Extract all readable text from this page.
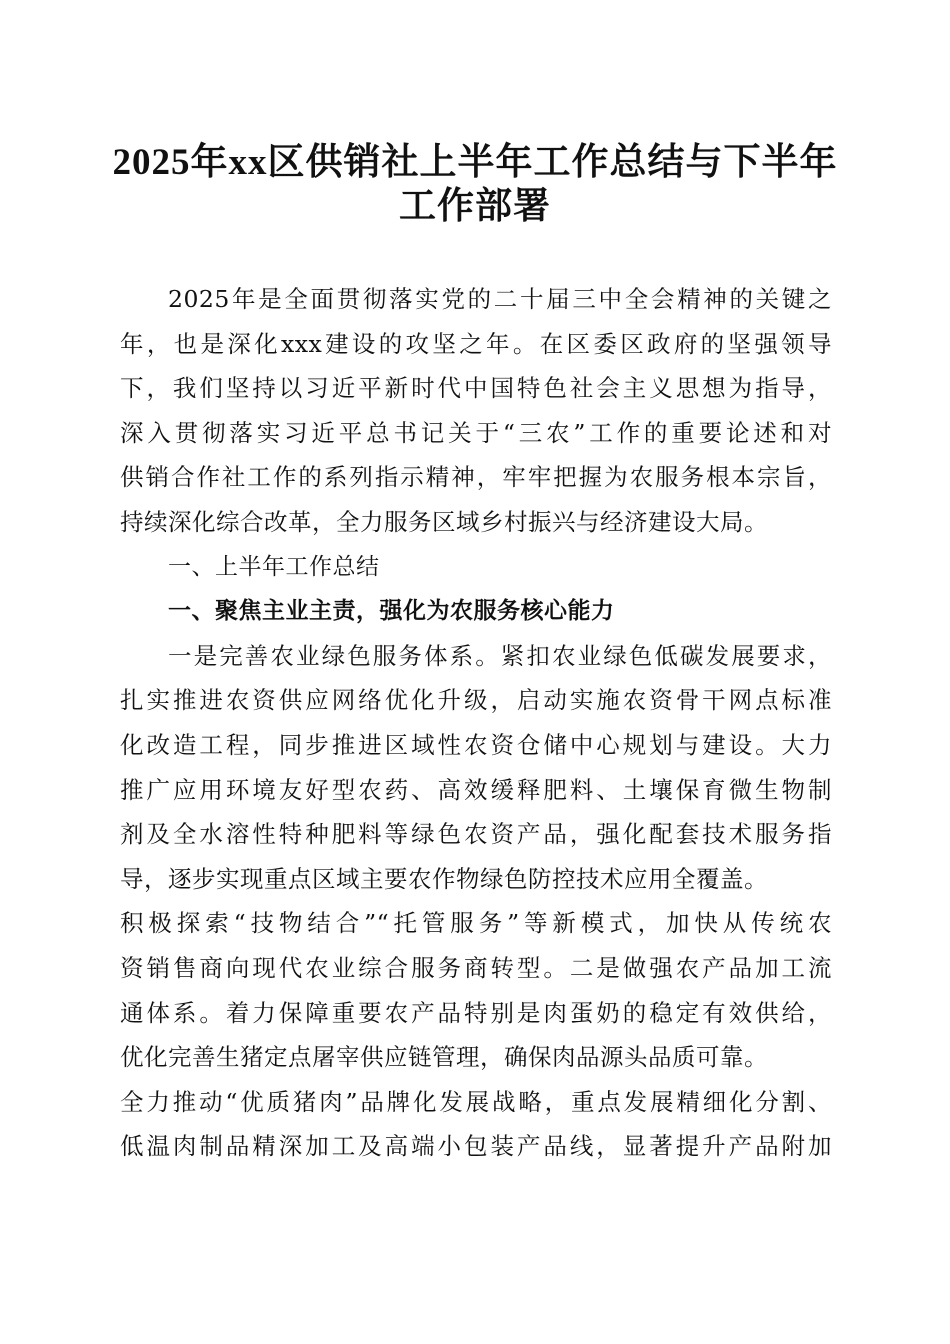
2025年xx区供销社上半年工作总结与下半年
工作部署
2025年是全面贯彻落实党的二十届三中全会精神的关键之
年，也是深化xxx建设的攻坚之年。在区委区政府的坚强领导
下，我们坚持以习近平新时代中国特色社会主义思想为指导，
深入贯彻落实习近平总书记关于“三农”工作的重要论述和对
供销合作社工作的系列指示精神，牢牢把握为农服务根本宗旨，
持续深化综合改革，全力服务区域乡村振兴与经济建设大局。
一、上半年工作总结
一、聚焦主业主责，强化为农服务核心能力
一是完善农业绿色服务体系。紧扣农业绿色低碳发展要求，
扎实推进农资供应网络优化升级，启动实施农资骨干网点标准
化改造工程，同步推进区域性农资仓储中心规划与建设。大力
推广应用环境友好型农药、高效缓释肥料、土壤保育微生物制
剂及全水溶性特种肥料等绿色农资产品，强化配套技术服务指
导，逐步实现重点区域主要农作物绿色防控技术应用全覆盖。
积极探索“技物结合”“托管服务”等新模式，加快从传统农
资销售商向现代农业综合服务商转型。二是做强农产品加工流
通体系。着力保障重要农产品特别是肉蛋奶的稳定有效供给，
优化完善生猪定点屠宰供应链管理，确保肉品源头品质可靠。
全力推动“优质猪肉”品牌化发展战略，重点发展精细化分割、
低温肉制品精深加工及高端小包装产品线，显著提升产品附加
